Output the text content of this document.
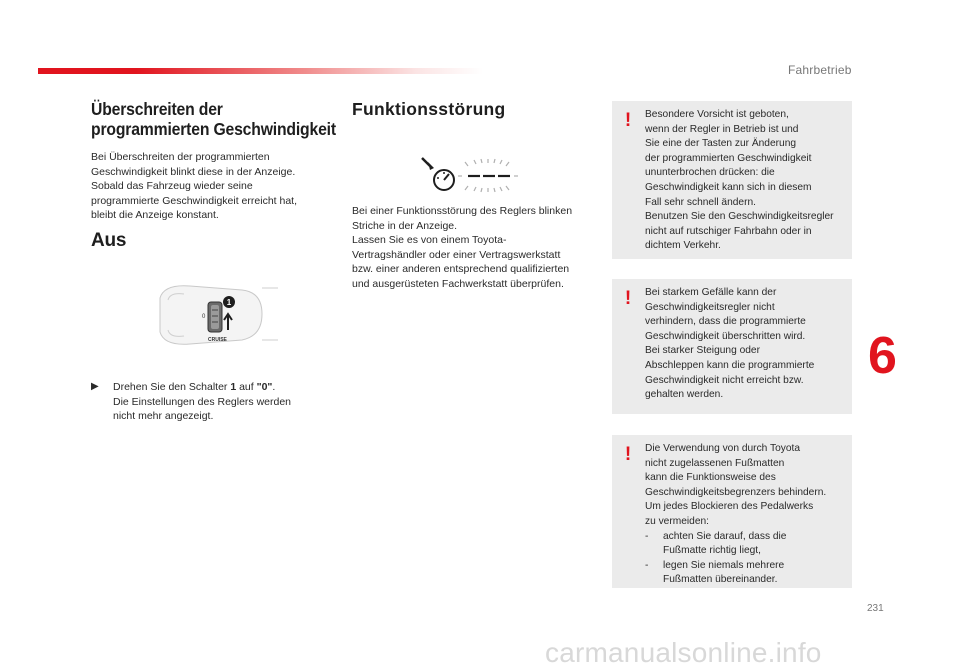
Fahrbetrieb
6
231
Überschreiten der
programmierten Geschwindigkeit

Bei Überschreiten der programmierten
Geschwindigkeit blinkt diese in der Anzeige.
Sobald das Fahrzeug wieder seine
programmierte Geschwindigkeit erreicht hat,
bleibt die Anzeige konstant.

Aus
0
CRUISE
1
▶	Drehen Sie den Schalter 1 auf "0".
Die Einstellungen des Reglers werden
nicht mehr angezeigt.
Funktionsstörung

Bei einer Funktionsstörung des Reglers blinken
Striche in der Anzeige.
Lassen Sie es von einem Toyota-
Vertragshändler oder einer Vertragswerkstatt
bzw. einer anderen entsprechend qualifizierten
und ausgerüsteten Fachwerkstatt überprüfen.

!	Besondere Vorsicht ist geboten,
wenn der Regler in Betrieb ist und
Sie eine der Tasten zur Änderung
der programmierten Geschwindigkeit
ununterbrochen drücken: die
Geschwindigkeit kann sich in diesem
Fall sehr schnell ändern.
Benutzen Sie den Geschwindigkeitsregler
nicht auf rutschiger Fahrbahn oder in
dichtem Verkehr.

!	Bei starkem Gefälle kann der
Geschwindigkeitsregler nicht
verhindern, dass die programmierte
Geschwindigkeit überschritten wird.
Bei starker Steigung oder
Abschleppen kann die programmierte
Geschwindigkeit nicht erreicht bzw.
gehalten werden.

!	Die Verwendung von durch Toyota
nicht zugelassenen Fußmatten
kann die Funktionsweise des
Geschwindigkeitsbegrenzers behindern.
Um jedes Blockieren des Pedalwerks
zu vermeiden:

-	achten Sie darauf, dass die
Fußmatte richtig liegt,
-	legen Sie niemals mehrere
Fußmatten übereinander.
carmanualsonline.info
